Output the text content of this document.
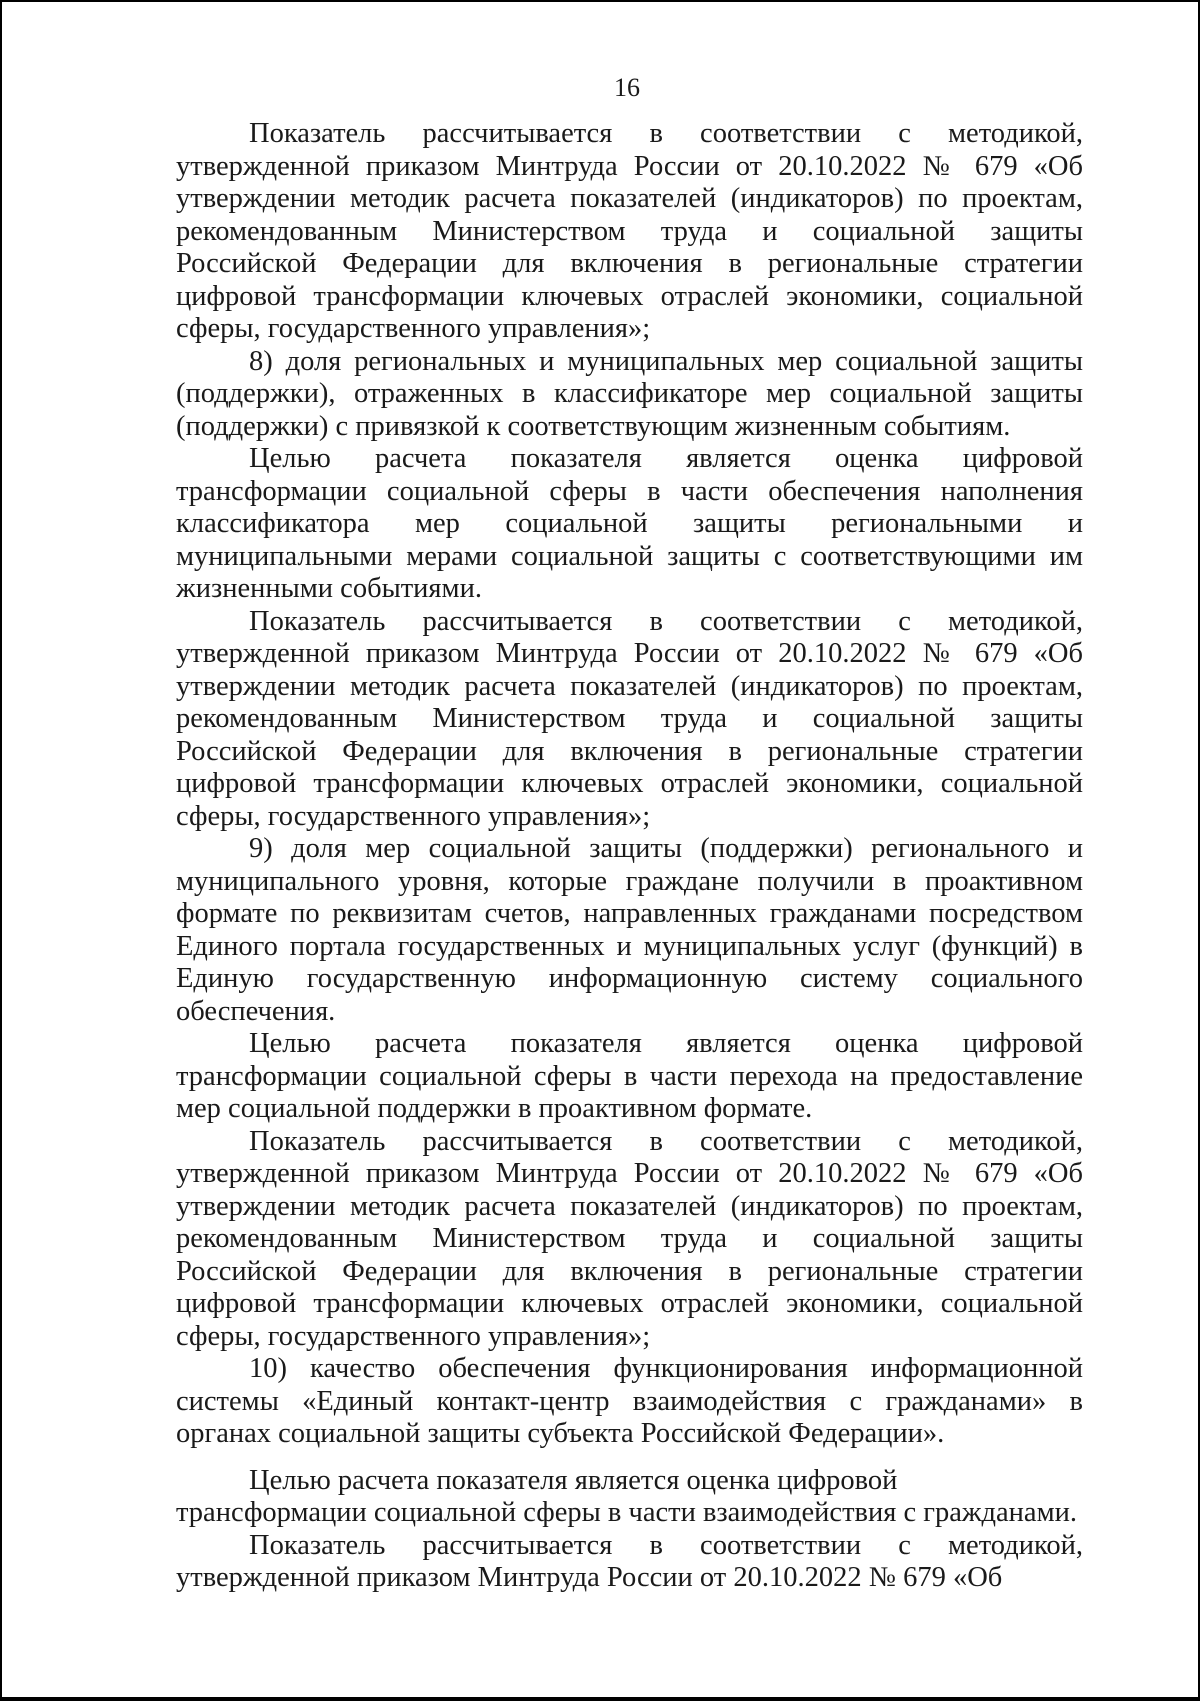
16

Показатель рассчитывается в соответствии с методикой, утвержденной приказом Минтруда России от 20.10.2022 № 679 «Об утверждении методик расчета показателей (индикаторов) по проектам, рекомендованным Министерством труда и социальной защиты Российской Федерации для включения в региональные стратегии цифровой трансформации ключевых отраслей экономики, социальной сферы, государственного управления»;

8) доля региональных и муниципальных мер социальной защиты (поддержки), отраженных в классификаторе мер социальной защиты (поддержки) с привязкой к соответствующим жизненным событиям.

Целью расчета показателя является оценка цифровой трансформации социальной сферы в части обеспечения наполнения классификатора мер социальной защиты региональными и муниципальными мерами социальной защиты с соответствующими им жизненными событиями.

Показатель рассчитывается в соответствии с методикой, утвержденной приказом Минтруда России от 20.10.2022 № 679 «Об утверждении методик расчета показателей (индикаторов) по проектам, рекомендованным Министерством труда и социальной защиты Российской Федерации для включения в региональные стратегии цифровой трансформации ключевых отраслей экономики, социальной сферы, государственного управления»;

9) доля мер социальной защиты (поддержки) регионального и муниципального уровня, которые граждане получили в проактивном формате по реквизитам счетов, направленных гражданами посредством Единого портала государственных и муниципальных услуг (функций) в Единую государственную информационную систему социального обеспечения.

Целью расчета показателя является оценка цифровой трансформации социальной сферы в части перехода на предоставление мер социальной поддержки в проактивном формате.

Показатель рассчитывается в соответствии с методикой, утвержденной приказом Минтруда России от 20.10.2022 № 679 «Об утверждении методик расчета показателей (индикаторов) по проектам, рекомендованным Министерством труда и социальной защиты Российской Федерации для включения в региональные стратегии цифровой трансформации ключевых отраслей экономики, социальной сферы, государственного управления»;

10) качество обеспечения функционирования информационной системы «Единый контакт-центр взаимодействия с гражданами» в органах социальной защиты субъекта Российской Федерации».

Целью расчета показателя является оценка цифровой трансформации социальной сферы в части взаимодействия с гражданами.

Показатель рассчитывается в соответствии с методикой, утвержденной приказом Минтруда России от 20.10.2022 № 679 «Об
